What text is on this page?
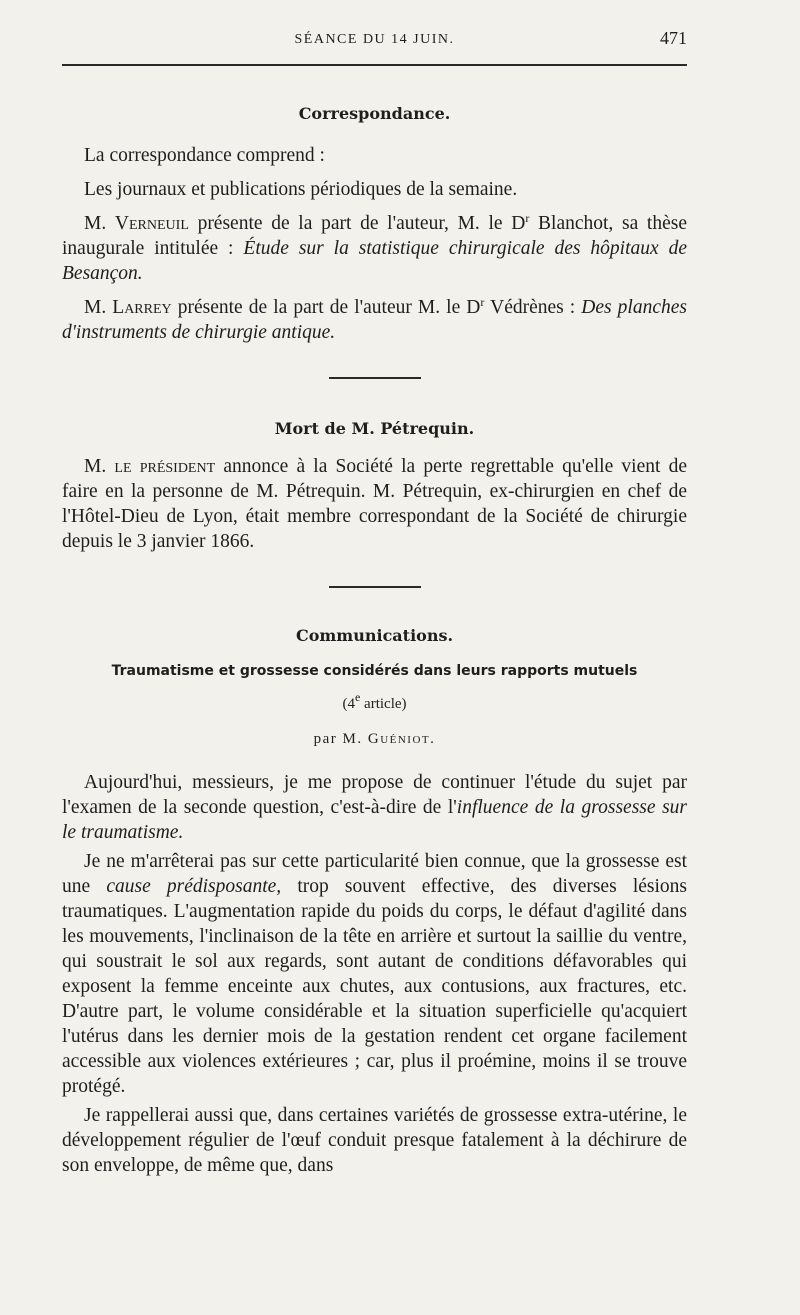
SÉANCE DU 14 JUIN.	471
Correspondance.

La correspondance comprend :

Les journaux et publications périodiques de la semaine.

M. Verneuil présente de la part de l'auteur, M. le $D^r$ Blanchot, sa thèse inaugurale intitulée : Étude sur la statistique chirurgicale des hôpitaux de Besançon.

M. Larrey présente de la part de l'auteur M. le $D^r$ Védrènes : Des planches d'instruments de chirurgie antique.

Mort de M. Pétrequin.

M. le président annonce à la Société la perte regrettable qu'elle vient de faire en la personne de M. Pétrequin. M. Pétrequin, ex-chirurgien en chef de l'Hôtel-Dieu de Lyon, était membre correspondant de la Société de chirurgie depuis le 3 janvier 1866.

Communications.

Traumatisme et grossesse considérés dans leurs rapports mutuels

(4e article)

par M. Guéniot.

Aujourd'hui, messieurs, je me propose de continuer l'étude du sujet par l'examen de la seconde question, c'est-à-dire de l'influence de la grossesse sur le traumatisme.

Je ne m'arrêterai pas sur cette particularité bien connue, que la grossesse est une cause prédisposante, trop souvent effective, des diverses lésions traumatiques. L'augmentation rapide du poids du corps, le défaut d'agilité dans les mouvements, l'inclinaison de la tête en arrière et surtout la saillie du ventre, qui soustrait le sol aux regards, sont autant de conditions défavorables qui exposent la femme enceinte aux chutes, aux contusions, aux fractures, etc. D'autre part, le volume considérable et la situation superficielle qu'acquiert l'utérus dans les dernier mois de la gestation rendent cet organe facilement accessible aux violences extérieures ; car, plus il proémine, moins il se trouve protégé.

Je rappellerai aussi que, dans certaines variétés de grossesse extra-utérine, le développement régulier de l'œuf conduit presque fatalement à la déchirure de son enveloppe, de même que, dans
